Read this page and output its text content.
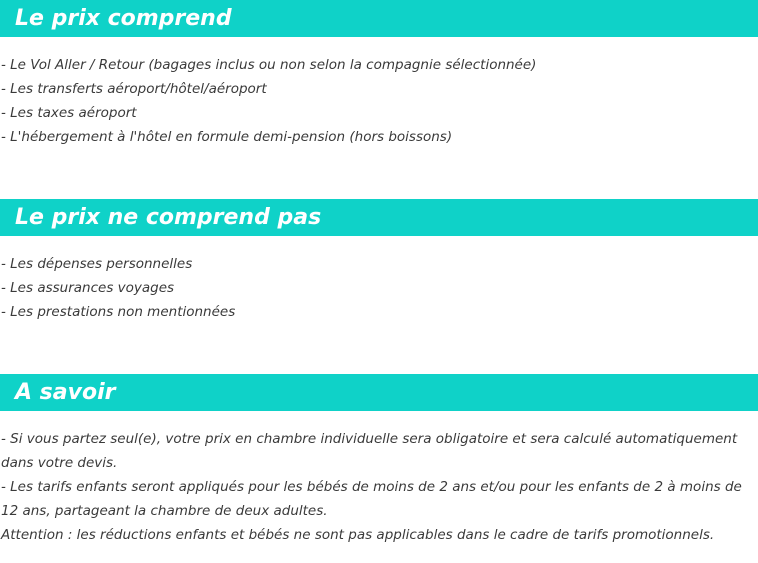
Le prix comprend
- Le Vol Aller / Retour (bagages inclus ou non selon la compagnie sélectionnée)
- Les transferts aéroport/hôtel/aéroport
- Les taxes aéroport
- L'hébergement à l'hôtel en formule demi-pension (hors boissons)
Le prix ne comprend pas
- Les dépenses personnelles
- Les assurances voyages
- Les prestations non mentionnées
A savoir
- Si vous partez seul(e), votre prix en chambre individuelle sera obligatoire et sera calculé automatiquement dans votre devis.
- Les tarifs enfants seront appliqués pour les bébés de moins de 2 ans et/ou pour les enfants de 2 à moins de 12 ans, partageant la chambre de deux adultes.
Attention : les réductions enfants et bébés ne sont pas applicables dans le cadre de tarifs promotionnels.
